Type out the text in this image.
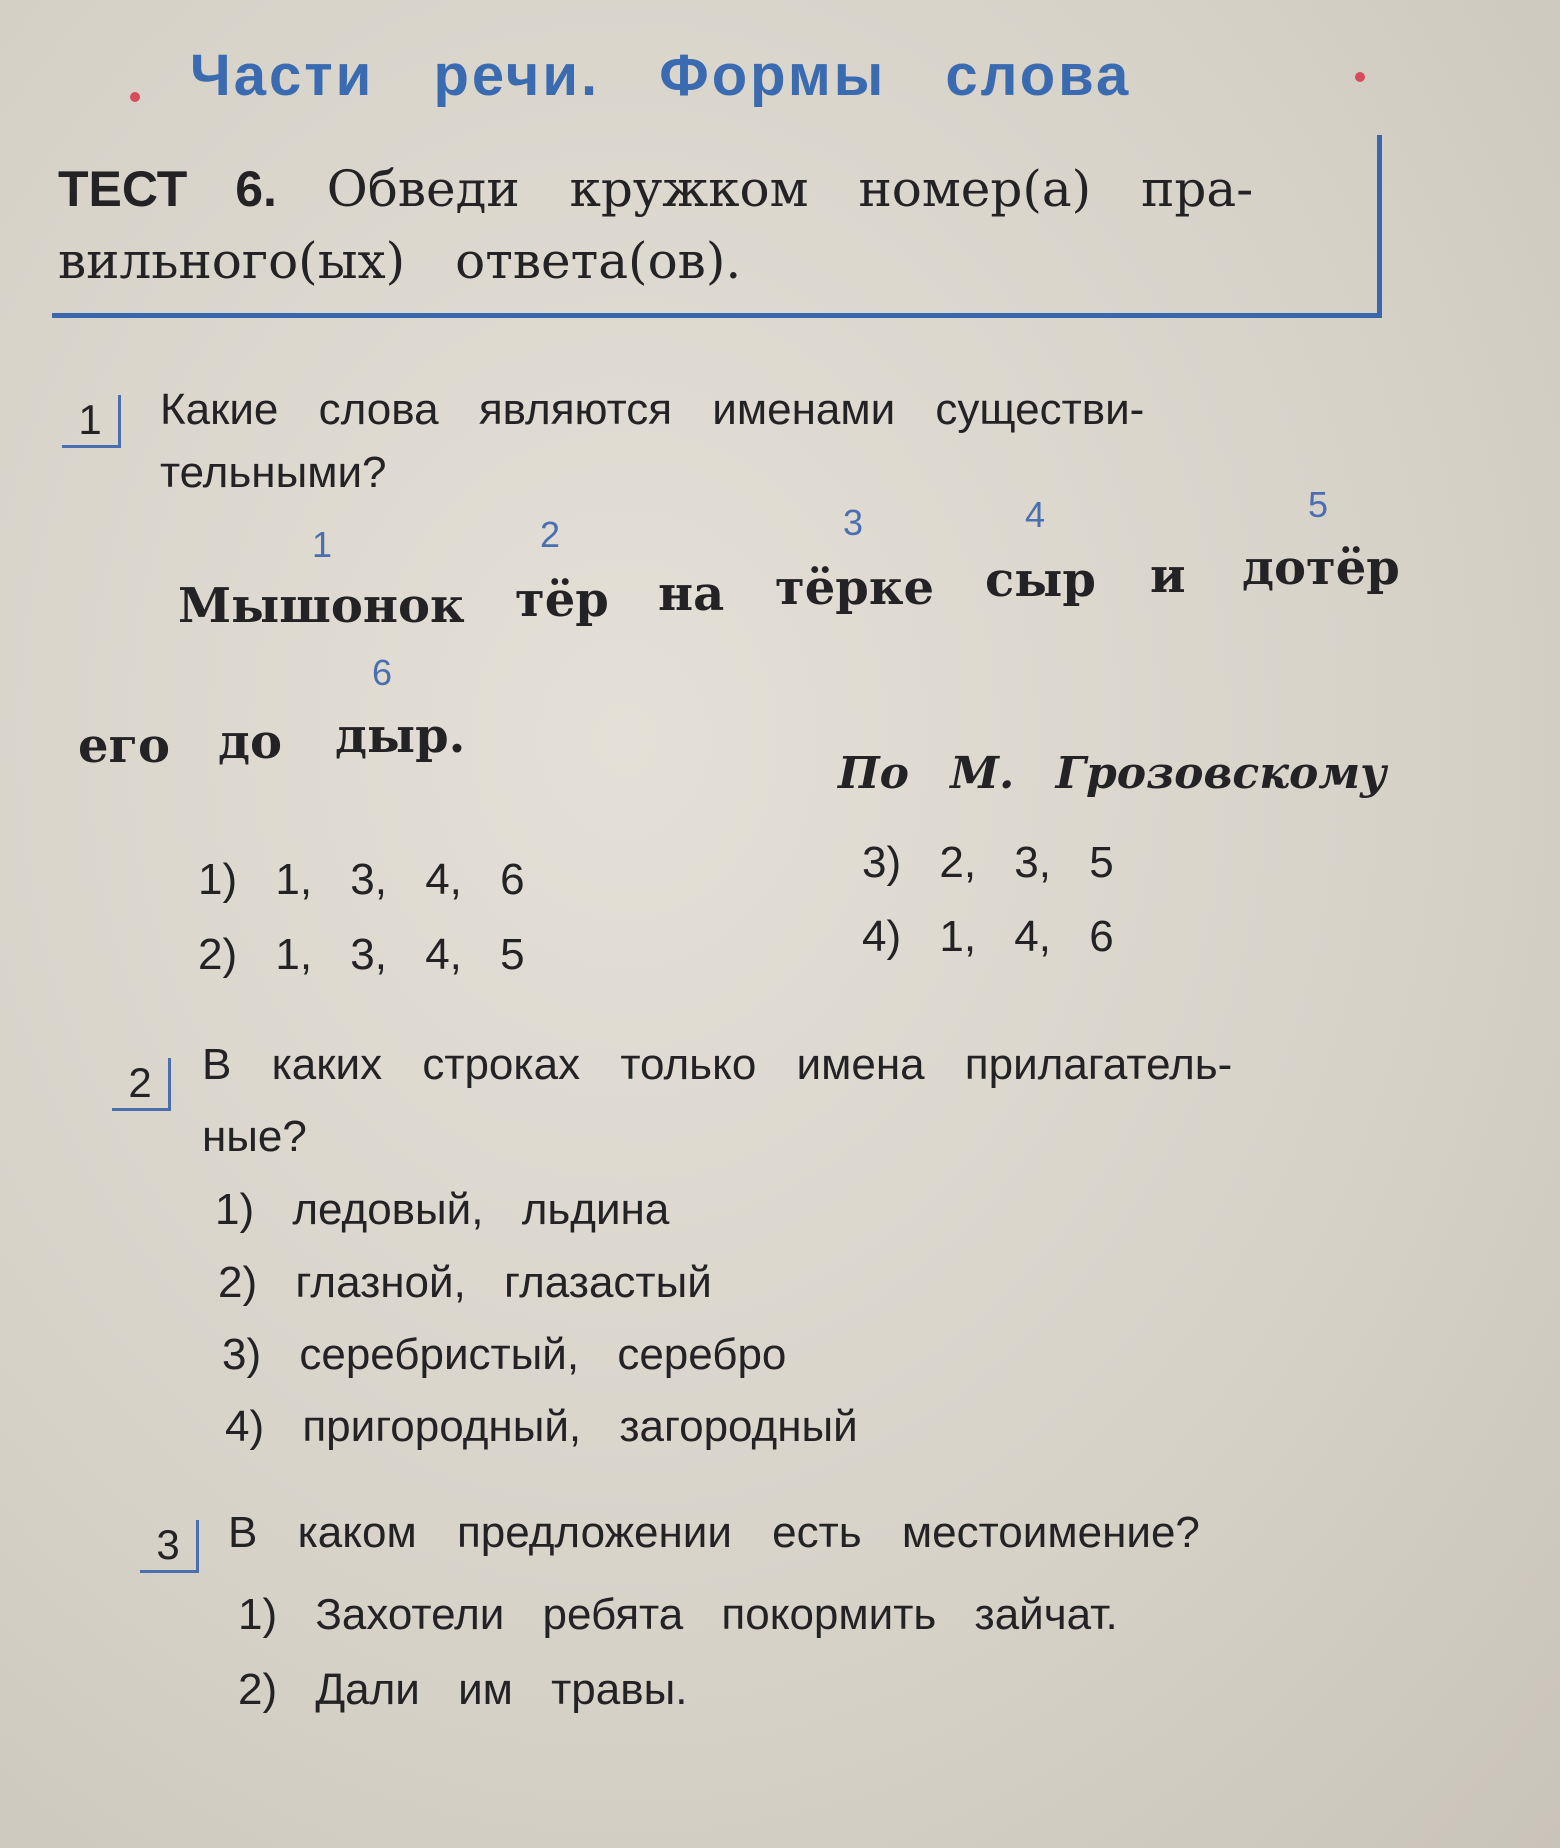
Части речи. Формы слова
ТЕСТ 6. Обведи кружком номер(а) пра-
вильного(ых) ответа(ов).
1	Какие слова являются именами существи-
тельными?
1
Мышонок
2
тёр на
3
тёрке
4
сыр и
5
дотёр
его до
6
дыр.
По М. Грозовскому
1) 1, 3, 4, 6
2) 1, 3, 4, 5
3) 2, 3, 5
4) 1, 4, 6
2	В каких строках только имена прилагатель-
ные?
1) ледовый, льдина
2) глазной, глазастый
3) серебристый, серебро
4) пригородный, загородный
3	В каком предложении есть местоимение?
1) Захотели ребята покормить зайчат.
2) Дали им травы.
